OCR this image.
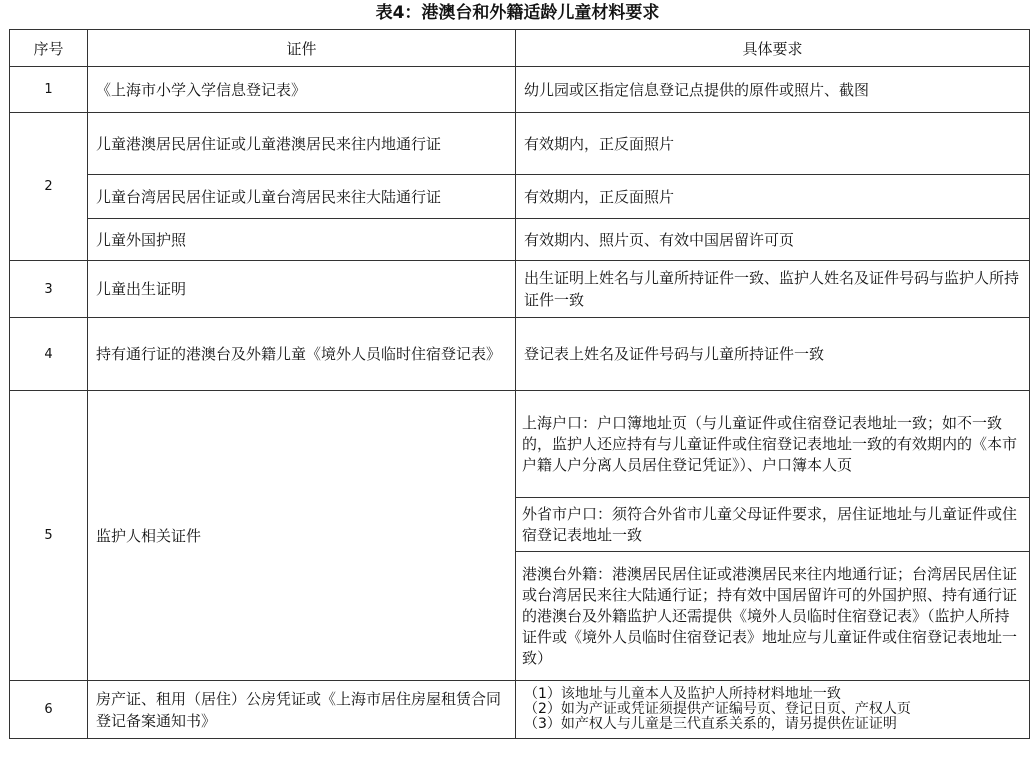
表4：港澳台和外籍适龄儿童材料要求
序号	证件	具体要求
1	《上海市小学入学信息登记表》	幼儿园或区指定信息登记点提供的原件或照片、截图
2	儿童港澳居民居住证或儿童港澳居民来往内地通行证	有效期内，正反面照片
	儿童台湾居民居住证或儿童台湾居民来往大陆通行证	有效期内，正反面照片
	儿童外国护照	有效期内、照片页、有效中国居留许可页
3	儿童出生证明	出生证明上姓名与儿童所持证件一致、监护人姓名及证件号码与监护人所持证件一致
4	持有通行证的港澳台及外籍儿童《境外人员临时住宿登记表》	登记表上姓名及证件号码与儿童所持证件一致
5	监护人相关证件	上海户口：户口簿地址页（与儿童证件或住宿登记表地址一致；如不一致的，监护人还应持有与儿童证件或住宿登记表地址一致的有效期内的《本市户籍人户分离人员居住登记凭证》）、户口簿本人页
		外省市户口：须符合外省市儿童父母证件要求，居住证地址与儿童证件或住宿登记表地址一致
		港澳台外籍：港澳居民居住证或港澳居民来往内地通行证；台湾居民居住证或台湾居民来往大陆通行证；持有效中国居留许可的外国护照、持有通行证的港澳台及外籍监护人还需提供《境外人员临时住宿登记表》（监护人所持证件或《境外人员临时住宿登记表》地址应与儿童证件或住宿登记表地址一致）
6	房产证、租用（居住）公房凭证或《上海市居住房屋租赁合同登记备案通知书》	（1）该地址与儿童本人及监护人所持材料地址一致
（2）如为产证或凭证须提供产证编号页、登记日页、产权人页
（3）如产权人与儿童是三代直系关系的，请另提供佐证证明
